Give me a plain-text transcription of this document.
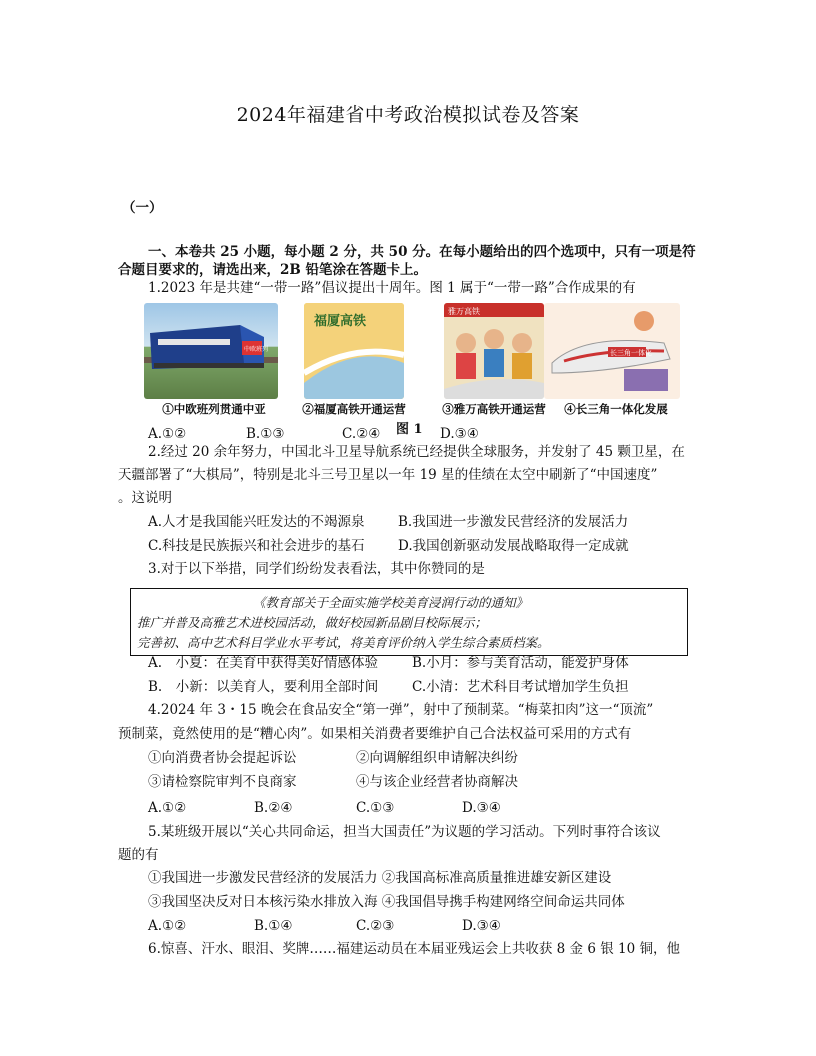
2024年福建省中考政治模拟试卷及答案
（一）
一、本卷共 25 小题，每小题 2 分，共 50 分。在每小题给出的四个选项中，只有一项是符
合题目要求的，请选出来，2B 铅笔涂在答题卡上。
1.2023 年是共建“一带一路”倡议提出十周年。图 1 属于“一带一路”合作成果的有
中欧班列
福厦高铁
雅万高铁
长三角一体化
①中欧班列贯通中亚	②福厦高铁开通运营	③雅万高铁开通运营	④长三角一体化发展
A.①②	B.①③	C.②④ 图 1 D.③④
2.经过 20 余年努力，中国北斗卫星导航系统已经提供全球服务，并发射了 45 颗卫星，在
天疆部署了“大棋局”，特别是北斗三号卫星以一年 19 星的佳绩在太空中刷新了“中国速度”
。这说明
A.人才是我国能兴旺发达的不竭源泉 B.我国进一步激发民营经济的发展活力
C.科技是民族振兴和社会进步的基石 D.我国创新驱动发展战略取得一定成就
3.对于以下举措，同学们纷纷发表看法，其中你赞同的是
《教育部关于全面实施学校美育浸润行动的通知》
推广并普及高雅艺术进校园活动，做好校园新品剧目校际展示；
完善初、高中艺术科目学业水平考试，将美育评价纳入学生综合素质档案。
A.　小夏：在美育中获得美好情感体验	B.小月：参与美育活动，能爱护身体
B.　小新：以美育人，要利用全部时间	C.小清：艺术科目考试增加学生负担
4.2024 年 3・15 晚会在食品安全“第一弹”，射中了预制菜。“梅菜扣肉”这一“顶流”
预制菜，竟然使用的是“糟心肉”。如果相关消费者要维护自己合法权益可采用的方式有
①向消费者协会提起诉讼	②向调解组织申请解决纠纷
③请检察院审判不良商家	④与该企业经营者协商解决
A.①②	B.②④	C.①③	D.③④
5.某班级开展以“关心共同命运，担当大国责任”为议题的学习活动。下列时事符合该议
题的有
①我国进一步激发民营经济的发展活力 ②我国高标准高质量推进雄安新区建设
③我国坚决反对日本核污染水排放入海 ④我国倡导携手构建网络空间命运共同体
A.①②	B.①④	C.②③	D.③④
6.惊喜、汗水、眼泪、奖牌……福建运动员在本届亚残运会上共收获 8 金 6 银 10 铜，他
